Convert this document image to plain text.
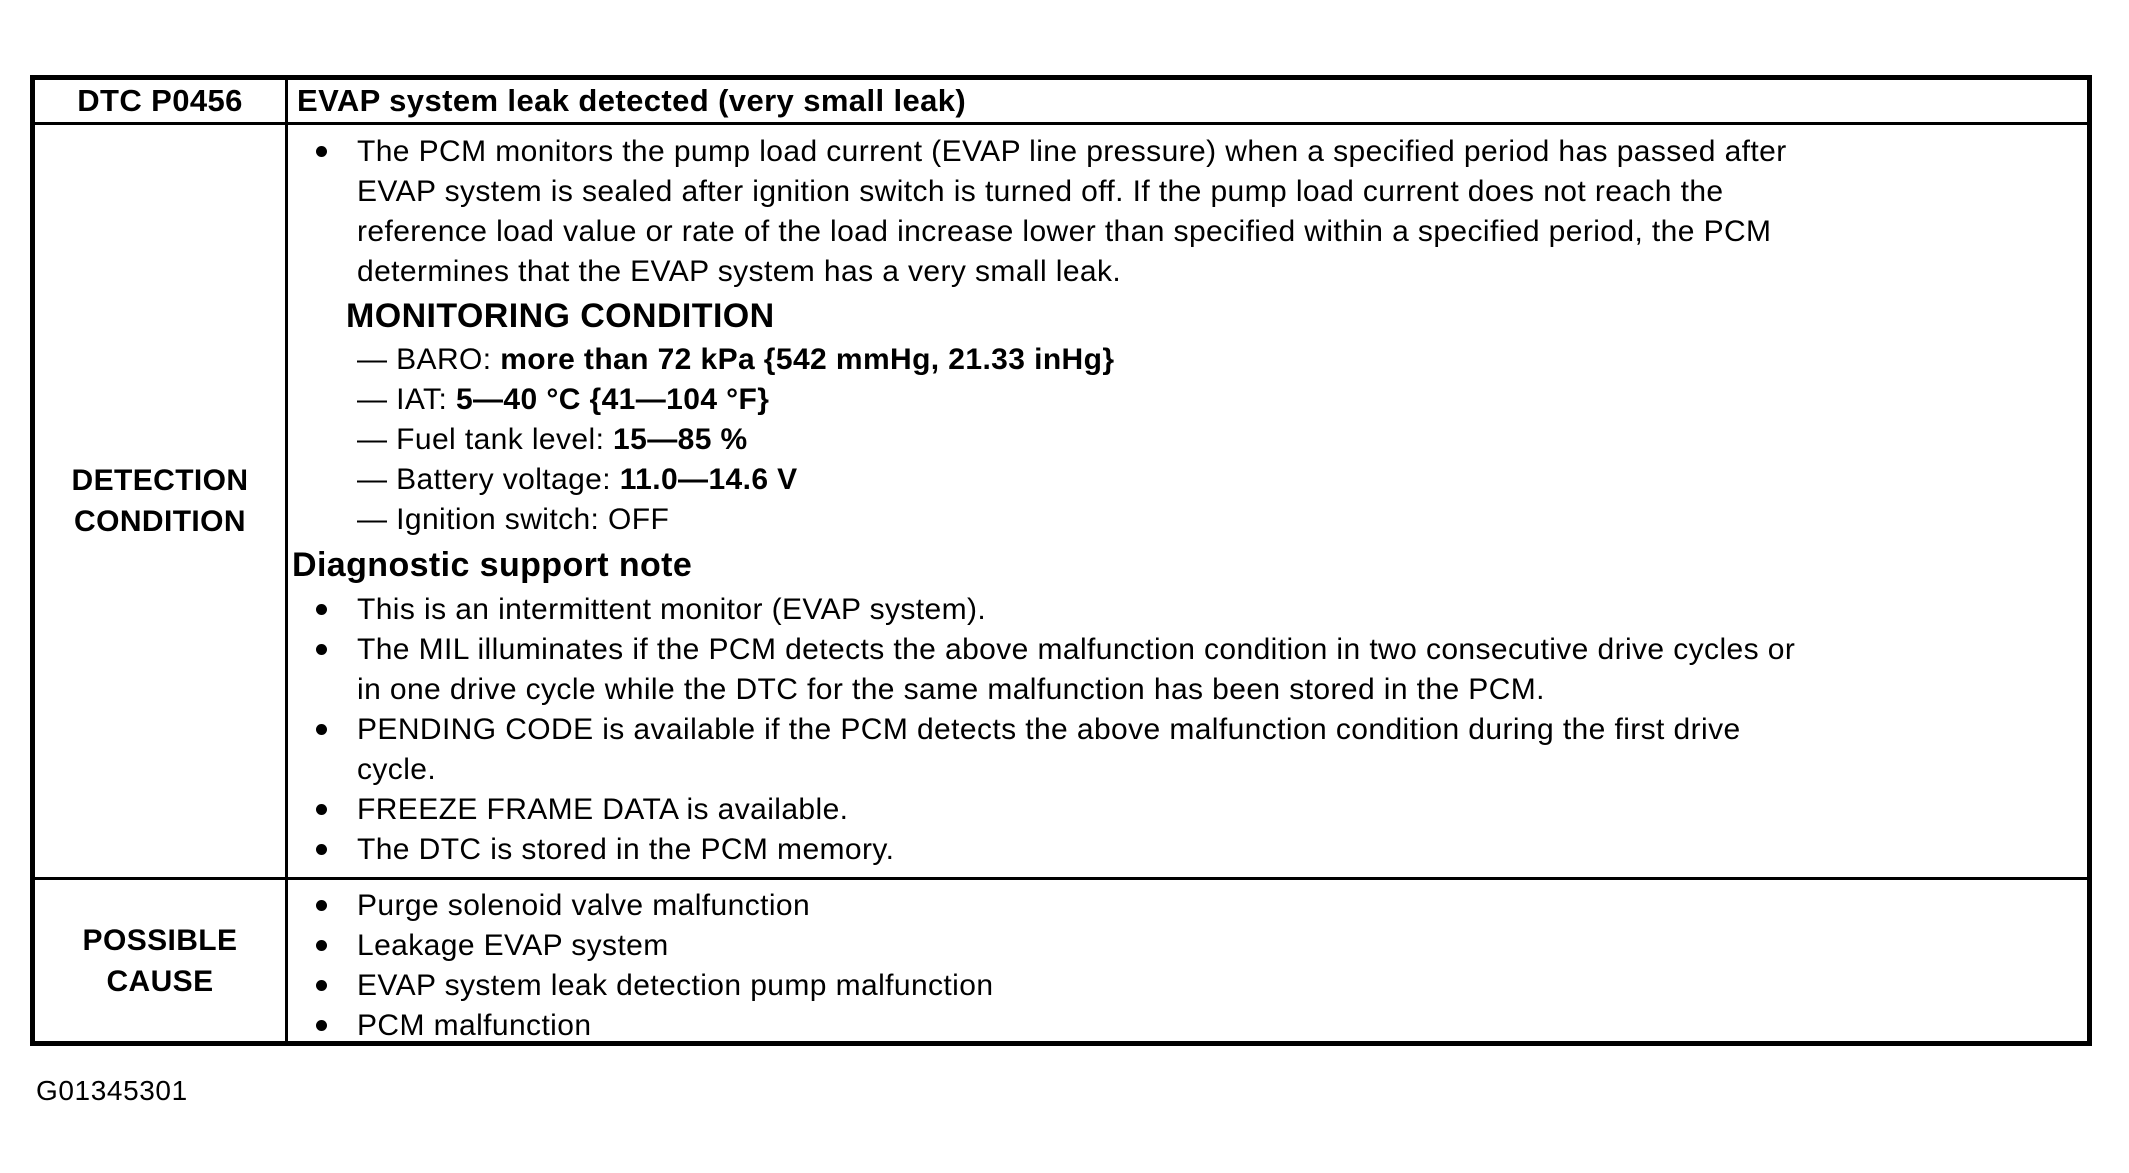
DTC P0456 EVAP system leak detected (very small leak)
DETECTION
CONDITION
The PCM monitors the pump load current (EVAP line pressure) when a specified period has passed after
EVAP system is sealed after ignition switch is turned off. If the pump load current does not reach the
reference load value or rate of the load increase lower than specified within a specified period, the PCM
determines that the EVAP system has a very small leak.
MONITORING CONDITION
— BARO: more than 72 kPa {542 mmHg, 21.33 inHg}
— IAT: 5—40 °C {41—104 °F}
— Fuel tank level: 15—85 %
— Battery voltage: 11.0—14.6 V
— Ignition switch: OFF
Diagnostic support note
This is an intermittent monitor (EVAP system).
The MIL illuminates if the PCM detects the above malfunction condition in two consecutive drive cycles or
in one drive cycle while the DTC for the same malfunction has been stored in the PCM.
PENDING CODE is available if the PCM detects the above malfunction condition during the first drive
cycle.
FREEZE FRAME DATA is available.
The DTC is stored in the PCM memory.
POSSIBLE
CAUSE
Purge solenoid valve malfunction
Leakage EVAP system
EVAP system leak detection pump malfunction
PCM malfunction
G01345301
